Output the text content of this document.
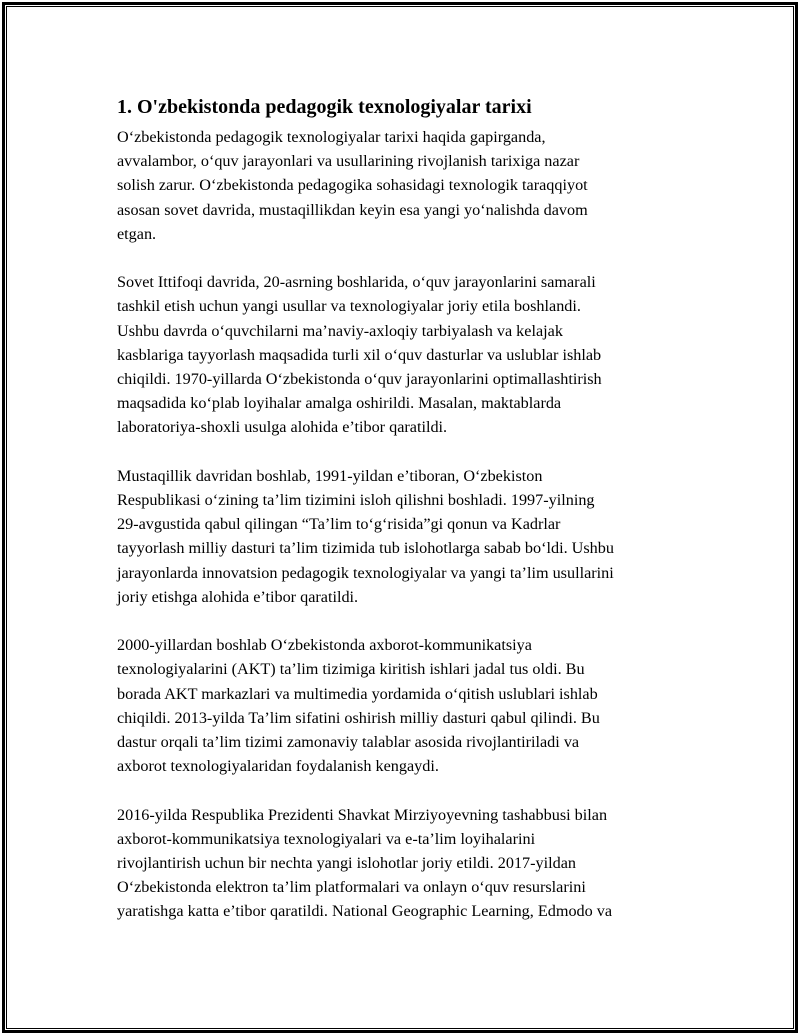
1. O'zbekistonda pedagogik texnologiyalar tarixi

O‘zbekistonda pedagogik texnologiyalar tarixi haqida gapirganda,
avvalambor, o‘quv jarayonlari va usullarining rivojlanish tarixiga nazar
solish zarur. O‘zbekistonda pedagogika sohasidagi texnologik taraqqiyot
asosan sovet davrida, mustaqillikdan keyin esa yangi yo‘nalishda davom
etgan.

Sovet Ittifoqi davrida, 20-asrning boshlarida, o‘quv jarayonlarini samarali
tashkil etish uchun yangi usullar va texnologiyalar joriy etila boshlandi.
Ushbu davrda o‘quvchilarni ma’naviy-axloqiy tarbiyalash va kelajak
kasblariga tayyorlash maqsadida turli xil o‘quv dasturlar va uslublar ishlab
chiqildi. 1970-yillarda O‘zbekistonda o‘quv jarayonlarini optimallashtirish
maqsadida ko‘plab loyihalar amalga oshirildi. Masalan, maktablarda
laboratoriya-shoxli usulga alohida e’tibor qaratildi.

Mustaqillik davridan boshlab, 1991-yildan e’tiboran, O‘zbekiston
Respublikasi o‘zining ta’lim tizimini isloh qilishni boshladi. 1997-yilning
29-avgustida qabul qilingan “Ta’lim to‘g‘risida”gi qonun va Kadrlar
tayyorlash milliy dasturi ta’lim tizimida tub islohotlarga sabab bo‘ldi. Ushbu
jarayonlarda innovatsion pedagogik texnologiyalar va yangi ta’lim usullarini
joriy etishga alohida e’tibor qaratildi.

2000-yillardan boshlab O‘zbekistonda axborot-kommunikatsiya
texnologiyalarini (AKT) ta’lim tizimiga kiritish ishlari jadal tus oldi. Bu
borada AKT markazlari va multimedia yordamida o‘qitish uslublari ishlab
chiqildi. 2013-yilda Ta’lim sifatini oshirish milliy dasturi qabul qilindi. Bu
dastur orqali ta’lim tizimi zamonaviy talablar asosida rivojlantiriladi va
axborot texnologiyalaridan foydalanish kengaydi.

2016-yilda Respublika Prezidenti Shavkat Mirziyoyevning tashabbusi bilan
axborot-kommunikatsiya texnologiyalari va e-ta’lim loyihalarini
rivojlantirish uchun bir nechta yangi islohotlar joriy etildi. 2017-yildan
O‘zbekistonda elektron ta’lim platformalari va onlayn o‘quv resurslarini
yaratishga katta e’tibor qaratildi. National Geographic Learning, Edmodo va
